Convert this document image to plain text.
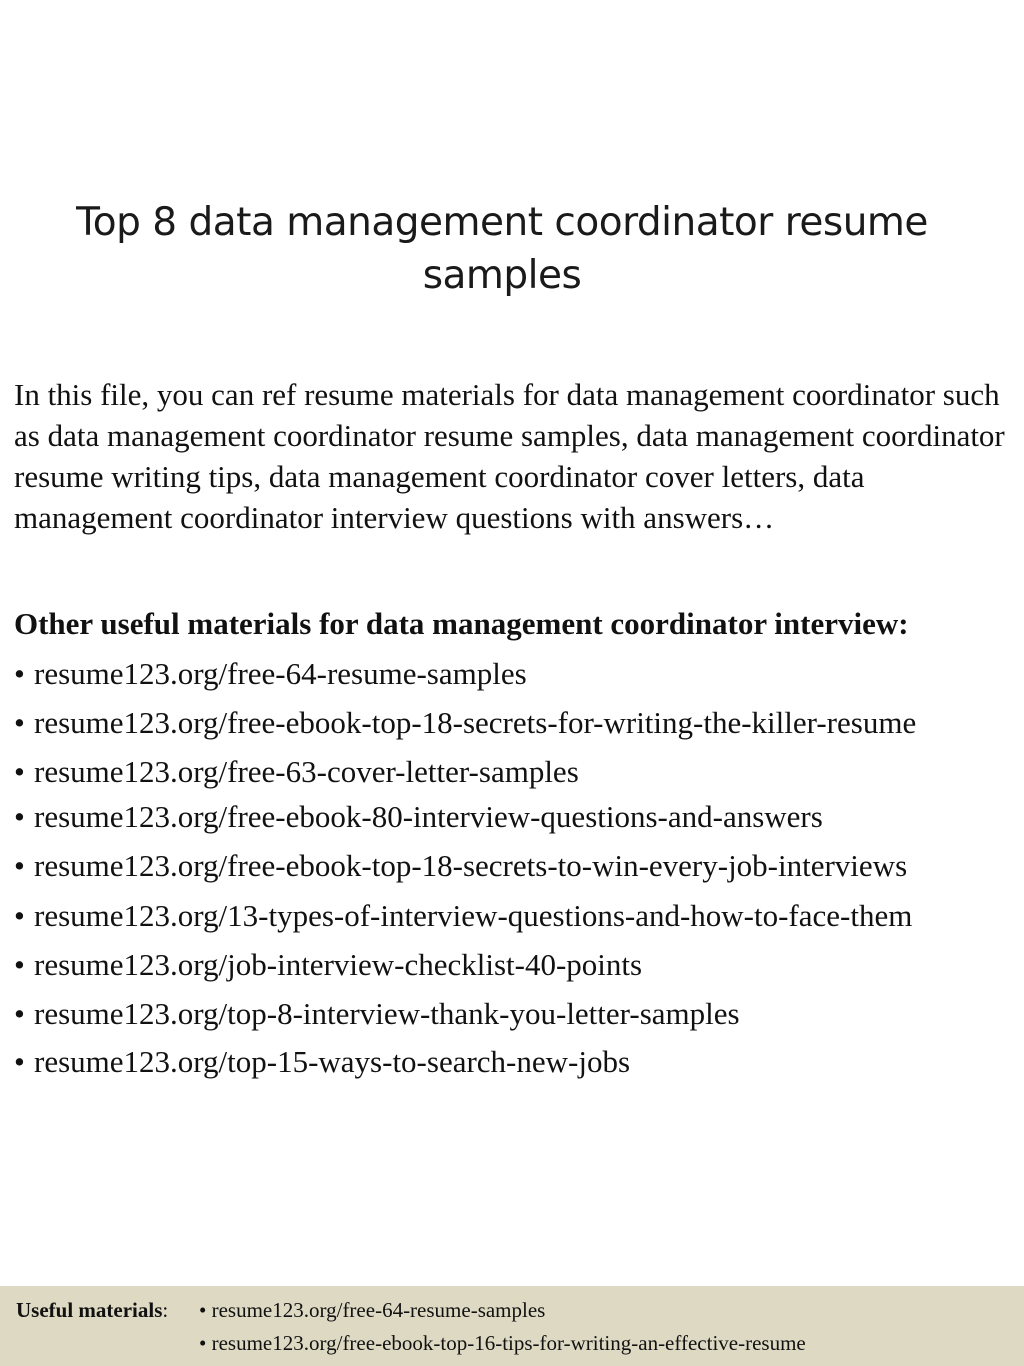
Top 8 data management coordinator resume samples
In this file, you can ref resume materials for data management coordinator such as data management coordinator resume samples, data management coordinator resume writing tips, data management coordinator cover letters, data management coordinator interview questions with answers…
Other useful materials for data management coordinator interview:
• resume123.org/free-64-resume-samples
• resume123.org/free-ebook-top-18-secrets-for-writing-the-killer-resume
• resume123.org/free-63-cover-letter-samples
• resume123.org/free-ebook-80-interview-questions-and-answers
• resume123.org/free-ebook-top-18-secrets-to-win-every-job-interviews
• resume123.org/13-types-of-interview-questions-and-how-to-face-them
• resume123.org/job-interview-checklist-40-points
• resume123.org/top-8-interview-thank-you-letter-samples
• resume123.org/top-15-ways-to-search-new-jobs
Useful materials: • resume123.org/free-64-resume-samples
• resume123.org/free-ebook-top-16-tips-for-writing-an-effective-resume
